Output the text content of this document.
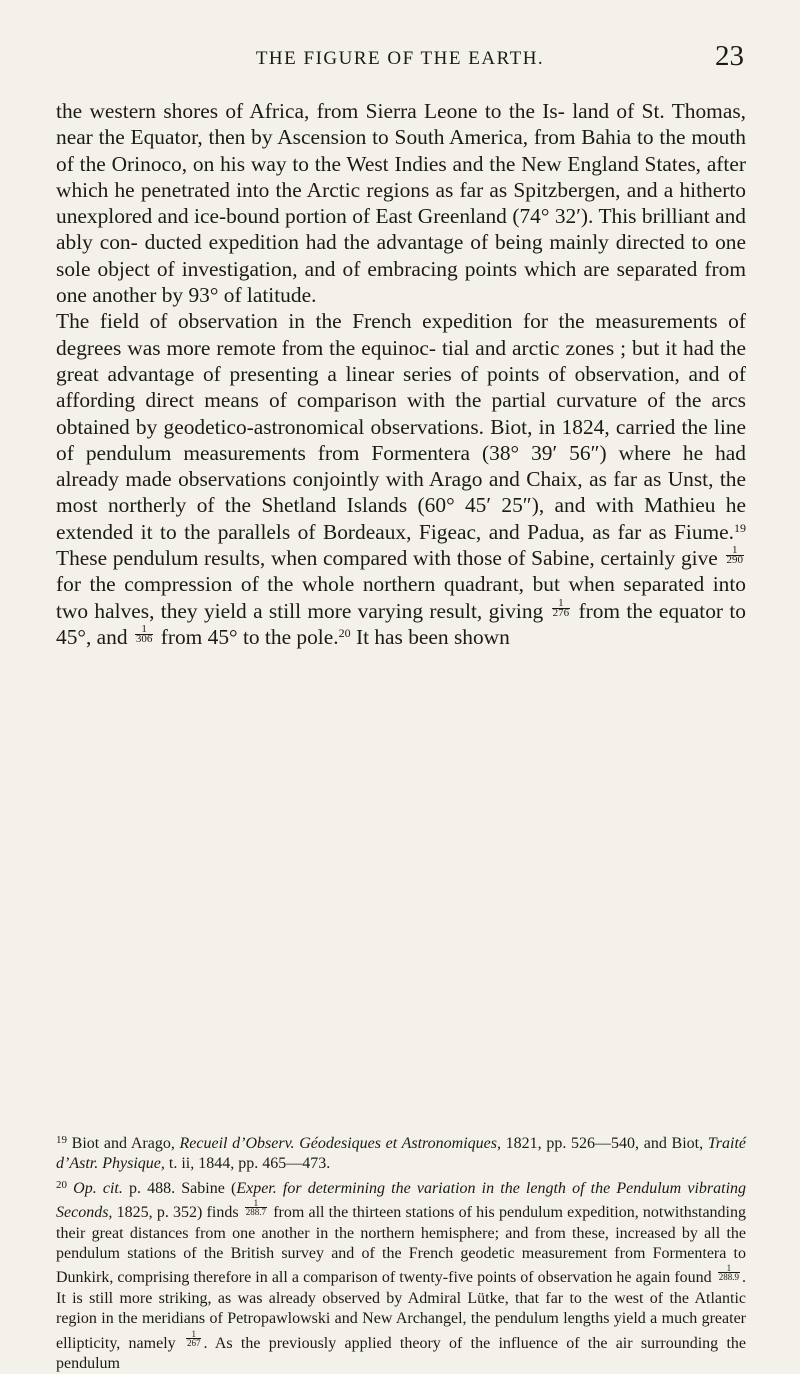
THE FIGURE OF THE EARTH.	23

the western shores of Africa, from Sierra Leone to the Is- land of St. Thomas, near the Equator, then by Ascension to South America, from Bahia to the mouth of the Orinoco, on his way to the West Indies and the New England States, after which he penetrated into the Arctic regions as far as Spitzbergen, and a hitherto unexplored and ice-bound portion of East Greenland (74° 32′). This brilliant and ably con- ducted expedition had the advantage of being mainly directed to one sole object of investigation, and of embracing points which are separated from one another by 93° of latitude.

The field of observation in the French expedition for the measurements of degrees was more remote from the equinoc- tial and arctic zones ; but it had the great advantage of presenting a linear series of points of observation, and of affording direct means of comparison with the partial curvature of the arcs obtained by geodetico-astronomical observations. Biot, in 1824, carried the line of pendulum measurements from Formentera (38° 39′ 56″) where he had already made observations conjointly with Arago and Chaix, as far as Unst, the most northerly of the Shetland Islands (60° 45′ 25″), and with Mathieu he extended it to the parallels of Bordeaux, Figeac, and Padua, as far as Fiume.$^{19}$ These pendulum results, when compared with those of Sabine, certainly give $\frac{1}{290}$
for the compression of the whole northern quadrant, but when separated into two halves, they yield a still more varying result, giving $\frac{1}{276}$ from the equator to 45°, and $\frac{1}{306}$ from 45° to the pole.$^{20}$ It has been shown

$^{19}$ Biot and Arago, Recueil d’Observ. Géodesiques et Astronomiques, 1821, pp. 526—540, and Biot, Traité d’Astr. Physique, t. ii, 1844, pp. 465—473.

$^{20}$ Op. cit. p. 488. Sabine (Exper. for determining the variation in the length of the Pendulum vibrating Seconds, 1825, p. 352) finds $\frac{1}{288.7}$ from all the thirteen stations of his pendulum expedition, notwithstanding their great distances from one another in the northern hemisphere; and from these, increased by all the pendulum stations of the British survey and of the French geodetic measurement from Formentera to Dunkirk, comprising therefore in all a comparison of twenty-five points of observation he again found $\frac{1}{288.9}$ . It is still more striking, as was already observed by Admiral Lütke, that far to the west of the Atlantic region in the meridians of Petropawlowski and New Archangel, the pendulum lengths yield a much greater ellipticity, namely $\frac{1}{267}$ . As the previously applied theory of the influence of the air surrounding the pendulum
